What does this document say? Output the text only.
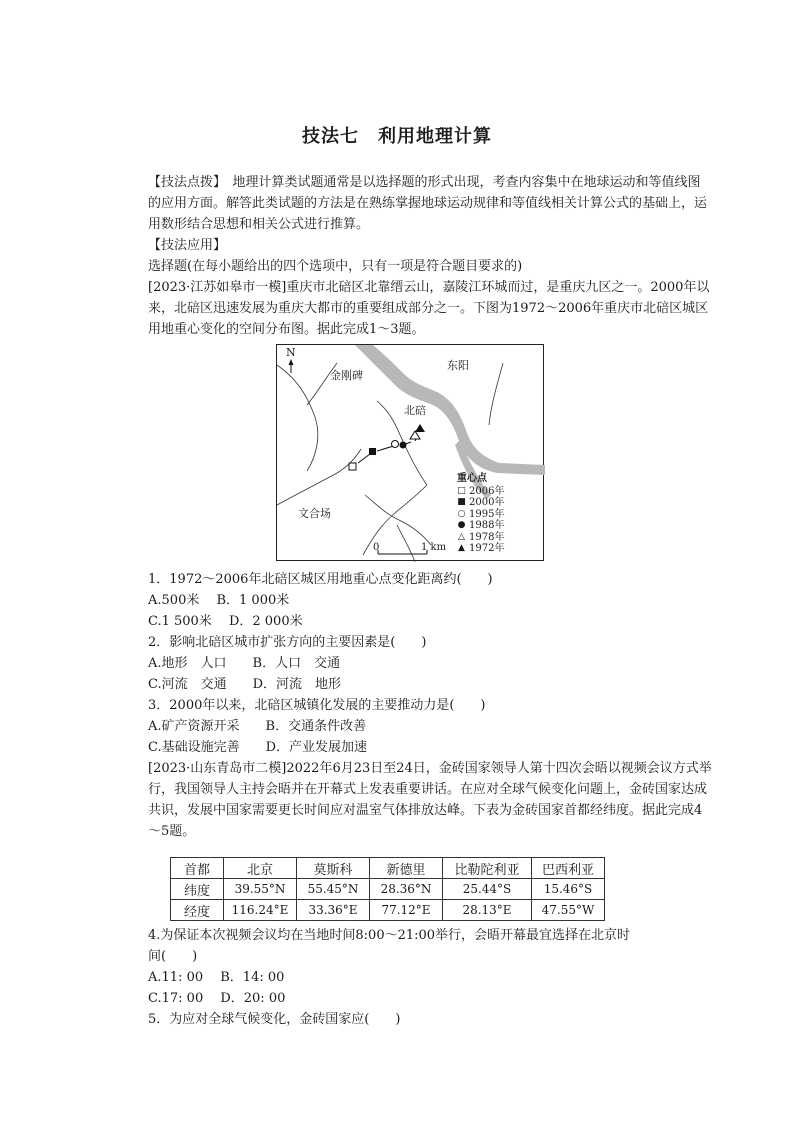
技法七　利用地理计算

【技法点拨】　地理计算类试题通常是以选择题的形式出现，考查内容集中在地球运动和等值线图的应用方面。解答此类试题的方法是在熟练掌握地球运动规律和等值线相关计算公式的基础上，运用数形结合思想和相关公式进行推算。

【技法应用】
选择题(在每小题给出的四个选项中，只有一项是符合题目要求的)

[2023·江苏如皋市一模]重庆市北碚区北靠缙云山，嘉陵江环城而过，是重庆九区之一。2000年以来，北碚区迅速发展为重庆大都市的重要组成部分之一。下图为1972～2006年重庆市北碚区城区用地重心变化的空间分布图。据此完成1～3题。

N
金刚碑
东阳
北碚
文合场
0	1 km
重心点
□ 2006年
■ 2000年
○ 1995年
● 1988年
△ 1978年
▲ 1972年
1．1972～2006年北碚区城区用地重心点变化距离约(　　)
A.500米　 B．1 000米
C.1 500米　 D．2 000米
2．影响北碚区城市扩张方向的主要因素是(　　)
A.地形　人口　　B．人口　交通
C.河流　交通　　D．河流　地形
3．2000年以来，北碚区城镇化发展的主要推动力是(　　)
A.矿产资源开采　　B．交通条件改善
C.基础设施完善　　D．产业发展加速

[2023·山东青岛市二模]2022年6月23日至24日，金砖国家领导人第十四次会晤以视频会议方式举行，我国领导人主持会晤并在开幕式上发表重要讲话。在应对全球气候变化问题上，金砖国家达成共识，发展中国家需要更长时间应对温室气体排放达峰。下表为金砖国家首都经纬度。据此完成4～5题。

首都	北京	莫斯科	新德里	比勒陀利亚	巴西利亚
纬度	39.55°N	55.45°N	28.36°N	25.44°S	15.46°S
经度	116.24°E	33.36°E	77.12°E	28.13°E	47.55°W
4.为保证本次视频会议均在当地时间8:00～21:00举行，会晤开幕最宜选择在北京时
间(　　)
A.11: 00　 B．14: 00
C.17: 00　 D．20: 00
5．为应对全球气候变化，金砖国家应(　　)
